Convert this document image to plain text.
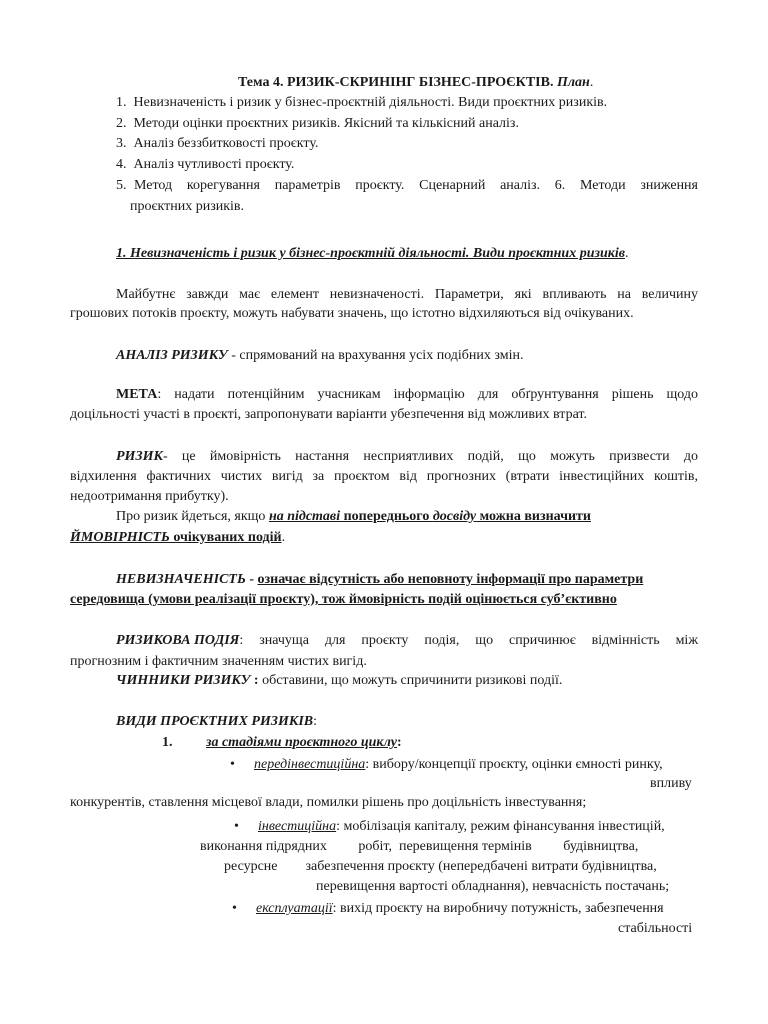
Тема 4. РИЗИК-СКРИНІНГ БІЗНЕС-ПРОЄКТІВ. План.
1. Невизначеність і ризик у бізнес-проєктній діяльності. Види проєктних ризиків.
2. Методи оцінки проєктних ризиків. Якісний та кількісний аналіз.
3. Аналіз беззбитковості проєкту.
4. Аналіз чутливості проєкту.
5. Метод корегування параметрів проєкту. Сценарний аналіз. 6. Методи зниження
проєктних ризиків.
1. Невизначеність і ризик у бізнес-проєктній діяльності. Види проєктних ризиків.
Майбутнє завжди має елемент невизначеності. Параметри, які впливають на величину
грошових потоків проєкту, можуть набувати значень, що істотно відхиляються від очікуваних.
АНАЛІЗ РИЗИКУ - спрямований на врахування усіх подібних змін.
МЕТА : надати потенційним учасникам інформацію для обґрунтування рішень щодо
доцільності участі в проєкті, запропонувати варіанти убезпечення від можливих втрат.
РИЗИК - це ймовірність настання несприятливих подій, що можуть призвести до
відхилення фактичних чистих вигід за проєктом від прогнозних (втрати інвестиційних коштів,
недоотримання прибутку).
Про ризик йдеться, якщо на підставі попереднього досвіду можна визначити
ЙМОВІРНІСТЬ очікуваних подій.
НЕВИЗНАЧЕНІСТЬ - означає відсутність або неповноту інформації про параметри
середовища (умови реалізації проєкту), тож ймовірність подій оцінюється суб’єктивно
РИЗИКОВА ПОДІЯ : значуща для проєкту подія, що спричинює відмінність між
прогнозним і фактичним значенням чистих вигід.
ЧИННИКИ РИЗИКУ : обставини, що можуть спричинити ризикові події.
ВИДИ ПРОЄКТНИХ РИЗИКІВ:
1. за стадіями проєктного циклу:
• передінвестиційна: вибору/концепції проєкту, оцінки ємності ринку,
впливу
конкурентів, ставлення місцевої влади, помилки рішень про доцільність інвестування;
• інвестиційна: мобілізація капіталу, режим фінансування інвестицій,
виконання підрядних         робіт,  перевищення термінів         будівництва,
ресурсне        забезпечення проєкту (непередбачені витрати будівництва,
перевищення вартості обладнання), невчасність постачань;
• експлуатації: вихід проєкту на виробничу потужність, забезпечення
стабільності
